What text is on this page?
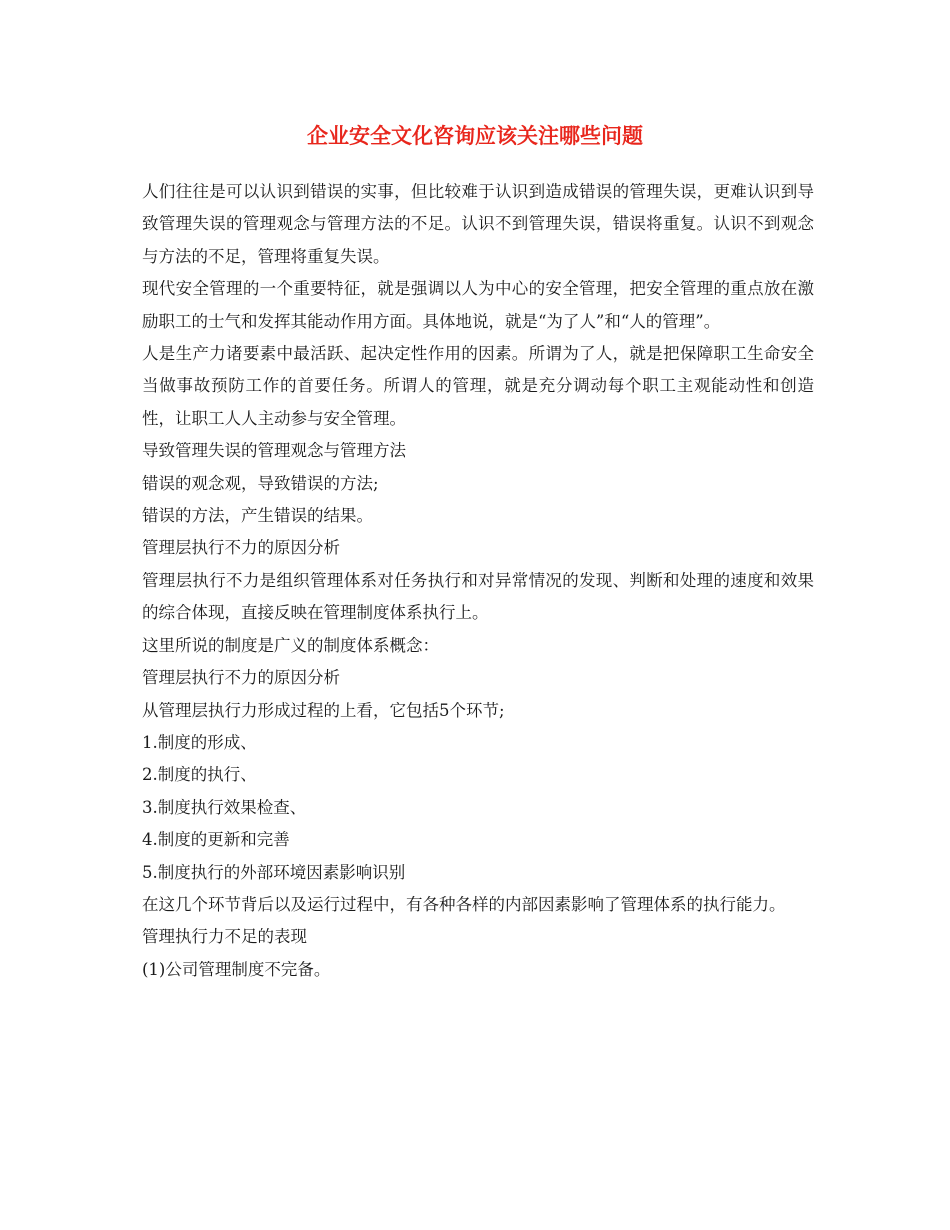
企业安全文化咨询应该关注哪些问题

人们往往是可以认识到错误的实事，但比较难于认识到造成错误的管理失误，更难认识到导致管理失误的管理观念与管理方法的不足。认识不到管理失误，错误将重复。认识不到观念与方法的不足，管理将重复失误。

现代安全管理的一个重要特征，就是强调以人为中心的安全管理，把安全管理的重点放在激励职工的士气和发挥其能动作用方面。具体地说，就是“为了人”和“人的管理”。

人是生产力诸要素中最活跃、起决定性作用的因素。所谓为了人，就是把保障职工生命安全当做事故预防工作的首要任务。所谓人的管理，就是充分调动每个职工主观能动性和创造性，让职工人人主动参与安全管理。

导致管理失误的管理观念与管理方法

错误的观念观，导致错误的方法;

错误的方法，产生错误的结果。

管理层执行不力的原因分析

管理层执行不力是组织管理体系对任务执行和对异常情况的发现、判断和处理的速度和效果的综合体现，直接反映在管理制度体系执行上。

这里所说的制度是广义的制度体系概念：

管理层执行不力的原因分析

从管理层执行力形成过程的上看，它包括5个环节;

1.制度的形成、

2.制度的执行、

3.制度执行效果检查、

4.制度的更新和完善

5.制度执行的外部环境因素影响识别

在这几个环节背后以及运行过程中，有各种各样的内部因素影响了管理体系的执行能力。

管理执行力不足的表现

(1)公司管理制度不完备。
